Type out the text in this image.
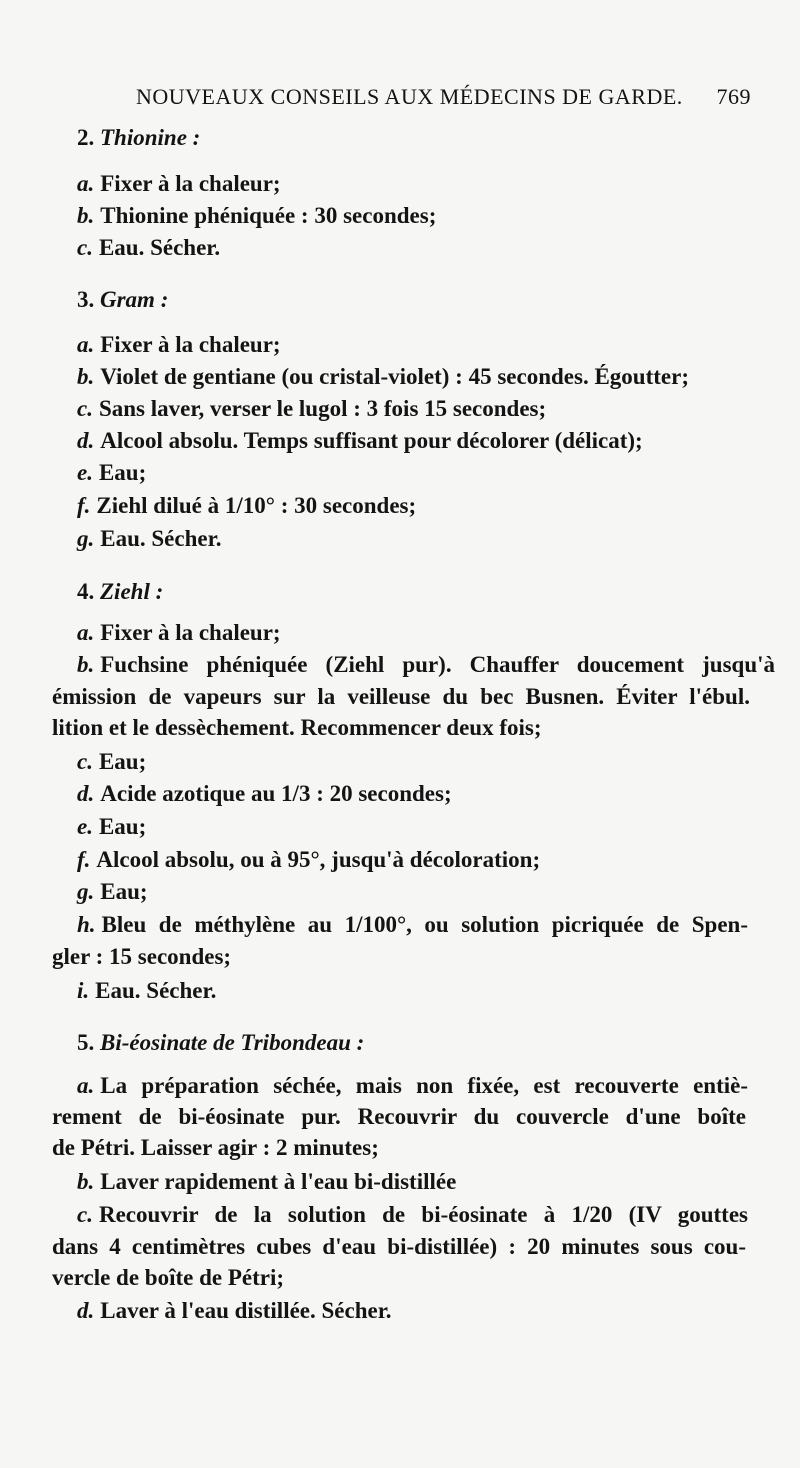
NOUVEAUX CONSEILS AUX MÉDECINS DE GARDE. 769
2. Thionine :
a. Fixer à la chaleur;
b. Thionine phéniquée : 30 secondes;
c. Eau. Sécher.
3. Gram :
a. Fixer à la chaleur;
b. Violet de gentiane (ou cristal-violet) : 45 secondes. Égoutter;
c. Sans laver, verser le lugol : 3 fois 15 secondes;
d. Alcool absolu. Temps suffisant pour décolorer (délicat);
e. Eau;
f. Ziehl dilué à 1/10° : 30 secondes;
g. Eau. Sécher.
4. Ziehl :
a. Fixer à la chaleur;
b. Fuchsine phéniquée (Ziehl pur). Chauffer doucement jusqu'à
émission de vapeurs sur la veilleuse du bec Busnen. Éviter l'ébul.
lition et le dessèchement. Recommencer deux fois;
c. Eau;
d. Acide azotique au 1/3 : 20 secondes;
e. Eau;
f. Alcool absolu, ou à 95°, jusqu'à décoloration;
g. Eau;
h. Bleu de méthylène au 1/100°, ou solution picriquée de Spen-
gler : 15 secondes;
i. Eau. Sécher.
5. Bi-éosinate de Tribondeau :
a. La préparation séchée, mais non fixée, est recouverte entiè-
rement de bi-éosinate pur. Recouvrir du couvercle d'une boîte
de Pétri. Laisser agir : 2 minutes;
b. Laver rapidement à l'eau bi-distillée
c. Recouvrir de la solution de bi-éosinate à 1/20 (IV gouttes
dans 4 centimètres cubes d'eau bi-distillée) : 20 minutes sous cou-
vercle de boîte de Pétri;
d. Laver à l'eau distillée. Sécher.
